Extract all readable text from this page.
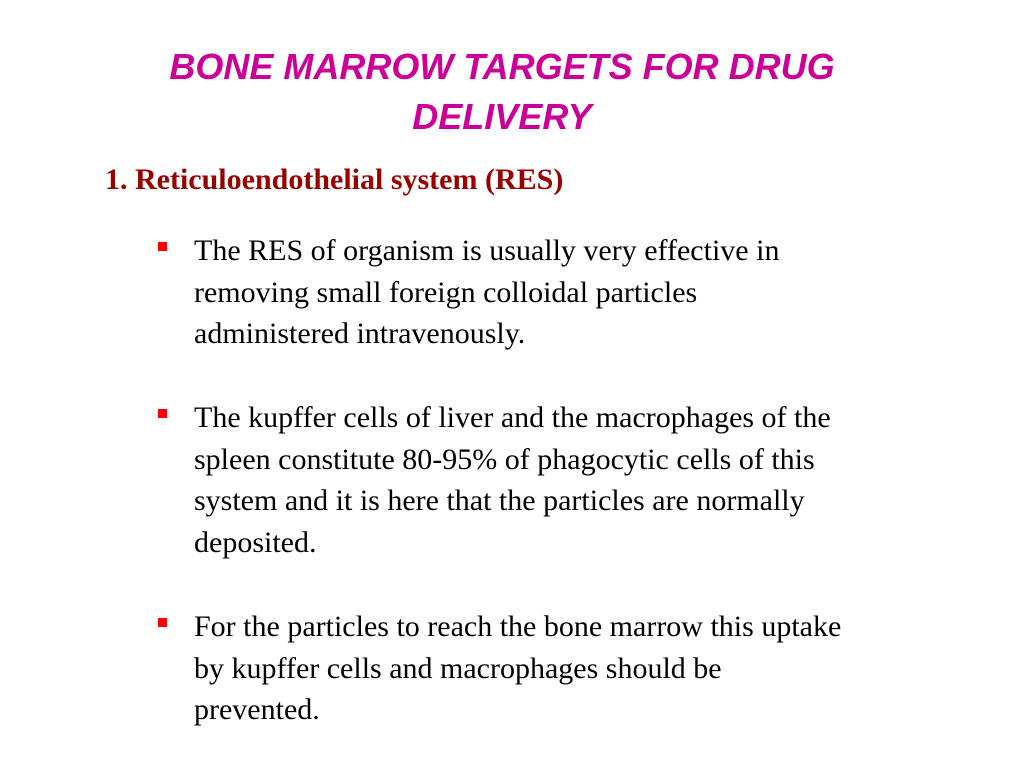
BONE MARROW TARGETS FOR DRUG
DELIVERY
1. Reticuloendothelial system (RES)
The RES of organism is usually very effective in
removing small foreign colloidal particles
administered intravenously.
The kupffer cells of liver and the macrophages of the
spleen constitute 80-95% of phagocytic cells of this
system and it is here that the particles are normally
deposited.
For the particles to reach the bone marrow this uptake
by kupffer cells and macrophages should be
prevented.
